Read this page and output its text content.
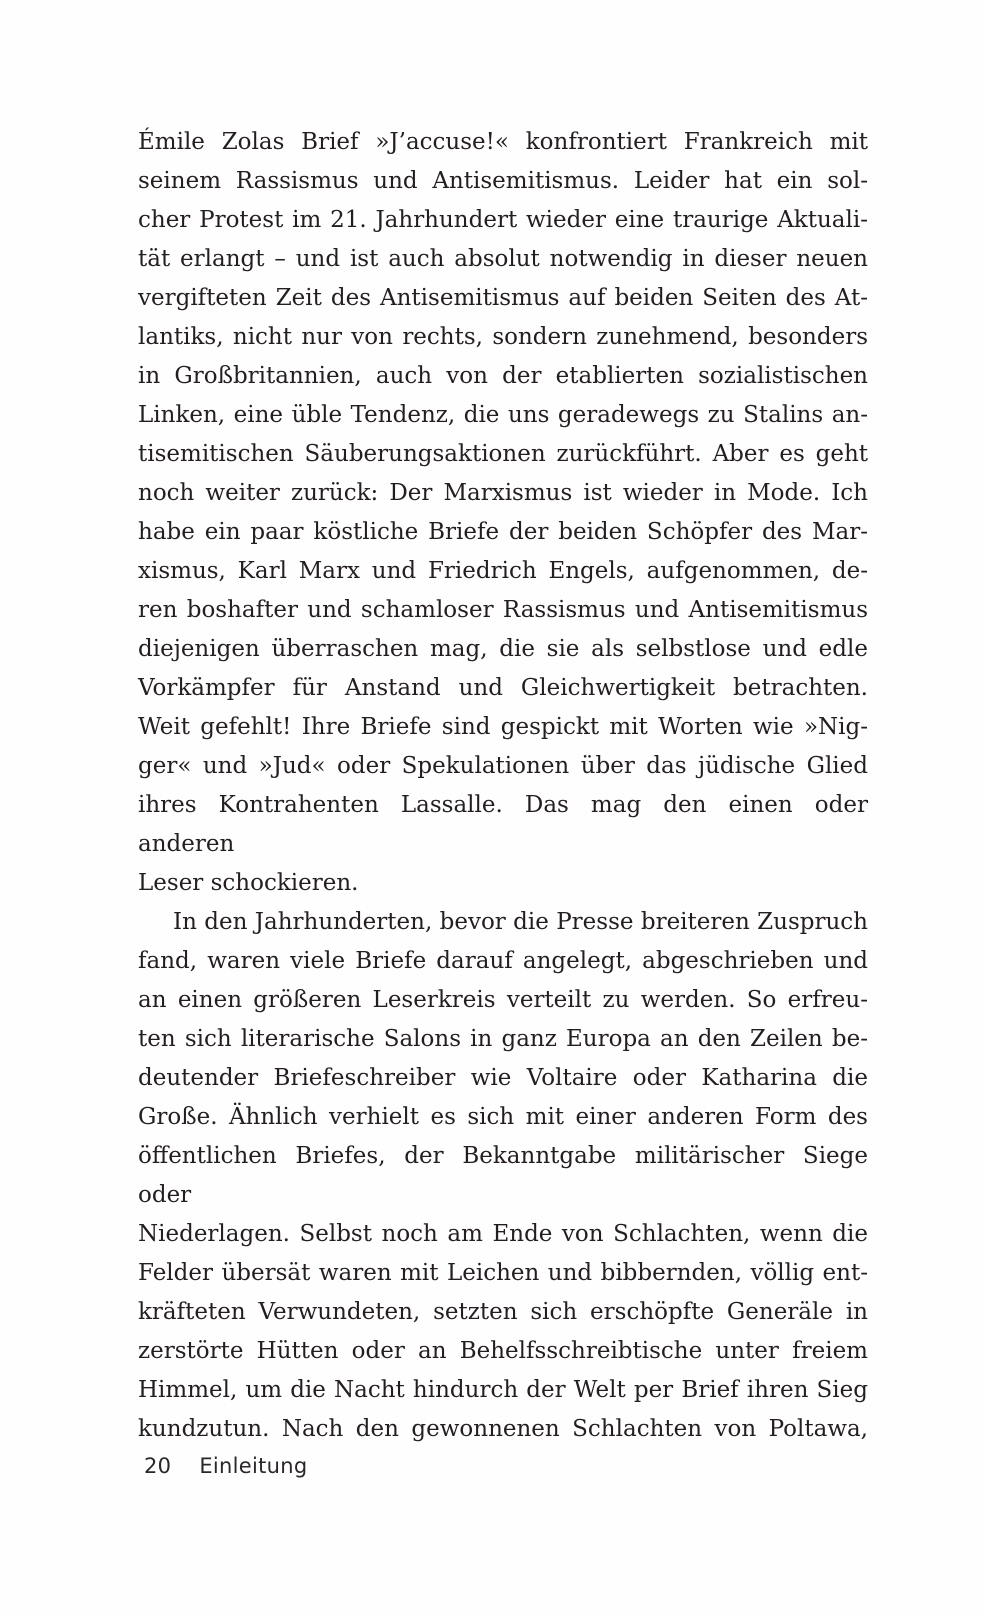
Émile Zolas Brief »J’accuse!« konfrontiert Frankreich mit
seinem Rassismus und Antisemitismus. Leider hat ein sol-
cher Protest im 21. Jahrhundert wieder eine traurige Aktuali-
tät erlangt – und ist auch absolut notwendig in dieser neuen
vergifteten Zeit des Antisemitismus auf beiden Seiten des At-
lantiks, nicht nur von rechts, sondern zunehmend, besonders
in Großbritannien, auch von der etablierten sozialistischen
Linken, eine üble Tendenz, die uns geradewegs zu Stalins an-
tisemitischen Säuberungsaktionen zurückführt. Aber es geht
noch weiter zurück: Der Marxismus ist wieder in Mode. Ich
habe ein paar köstliche Briefe der beiden Schöpfer des Mar-
xismus, Karl Marx und Friedrich Engels, aufgenommen, de-
ren boshafter und schamloser Rassismus und Antisemitismus
diejenigen überraschen mag, die sie als selbstlose und edle
Vorkämpfer für Anstand und Gleichwertigkeit betrachten.
Weit gefehlt! Ihre Briefe sind gespickt mit Worten wie »Nig-
ger« und »Jud« oder Spekulationen über das jüdische Glied
ihres Kontrahenten Lassalle. Das mag den einen oder anderen
Leser schockieren.
In den Jahrhunderten, bevor die Presse breiteren Zuspruch
fand, waren viele Briefe darauf angelegt, abgeschrieben und
an einen größeren Leserkreis verteilt zu werden. So erfreu-
ten sich literarische Salons in ganz Europa an den Zeilen be-
deutender Briefeschreiber wie Voltaire oder Katharina die
Große. Ähnlich verhielt es sich mit einer anderen Form des
öffentlichen Briefes, der Bekanntgabe militärischer Siege oder
Niederlagen. Selbst noch am Ende von Schlachten, wenn die
Felder übersät waren mit Leichen und bibbernden, völlig ent-
kräfteten Verwundeten, setzten sich erschöpfte Generäle in
zerstörte Hütten oder an Behelfsschreibtische unter freiem
Himmel, um die Nacht hindurch der Welt per Brief ihren Sieg
kundzutun. Nach den gewonnenen Schlachten von Poltawa,
20 Einleitung
